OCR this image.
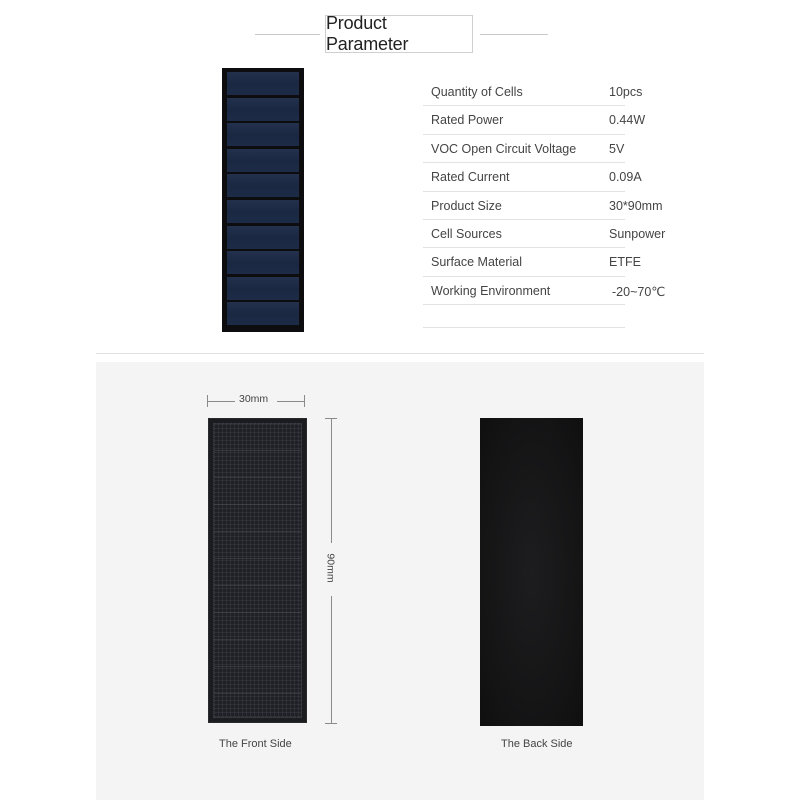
Product Parameter
Quantity of Cells	10pcs
Rated Power	0.44W
VOC Open Circuit Voltage	5V
Rated Current	0.09A
Product Size	30*90mm
Cell Sources	Sunpower
Surface Material	ETFE
Working Environment	-20~70℃
30mm
90mm
The Front Side	The Back Side
